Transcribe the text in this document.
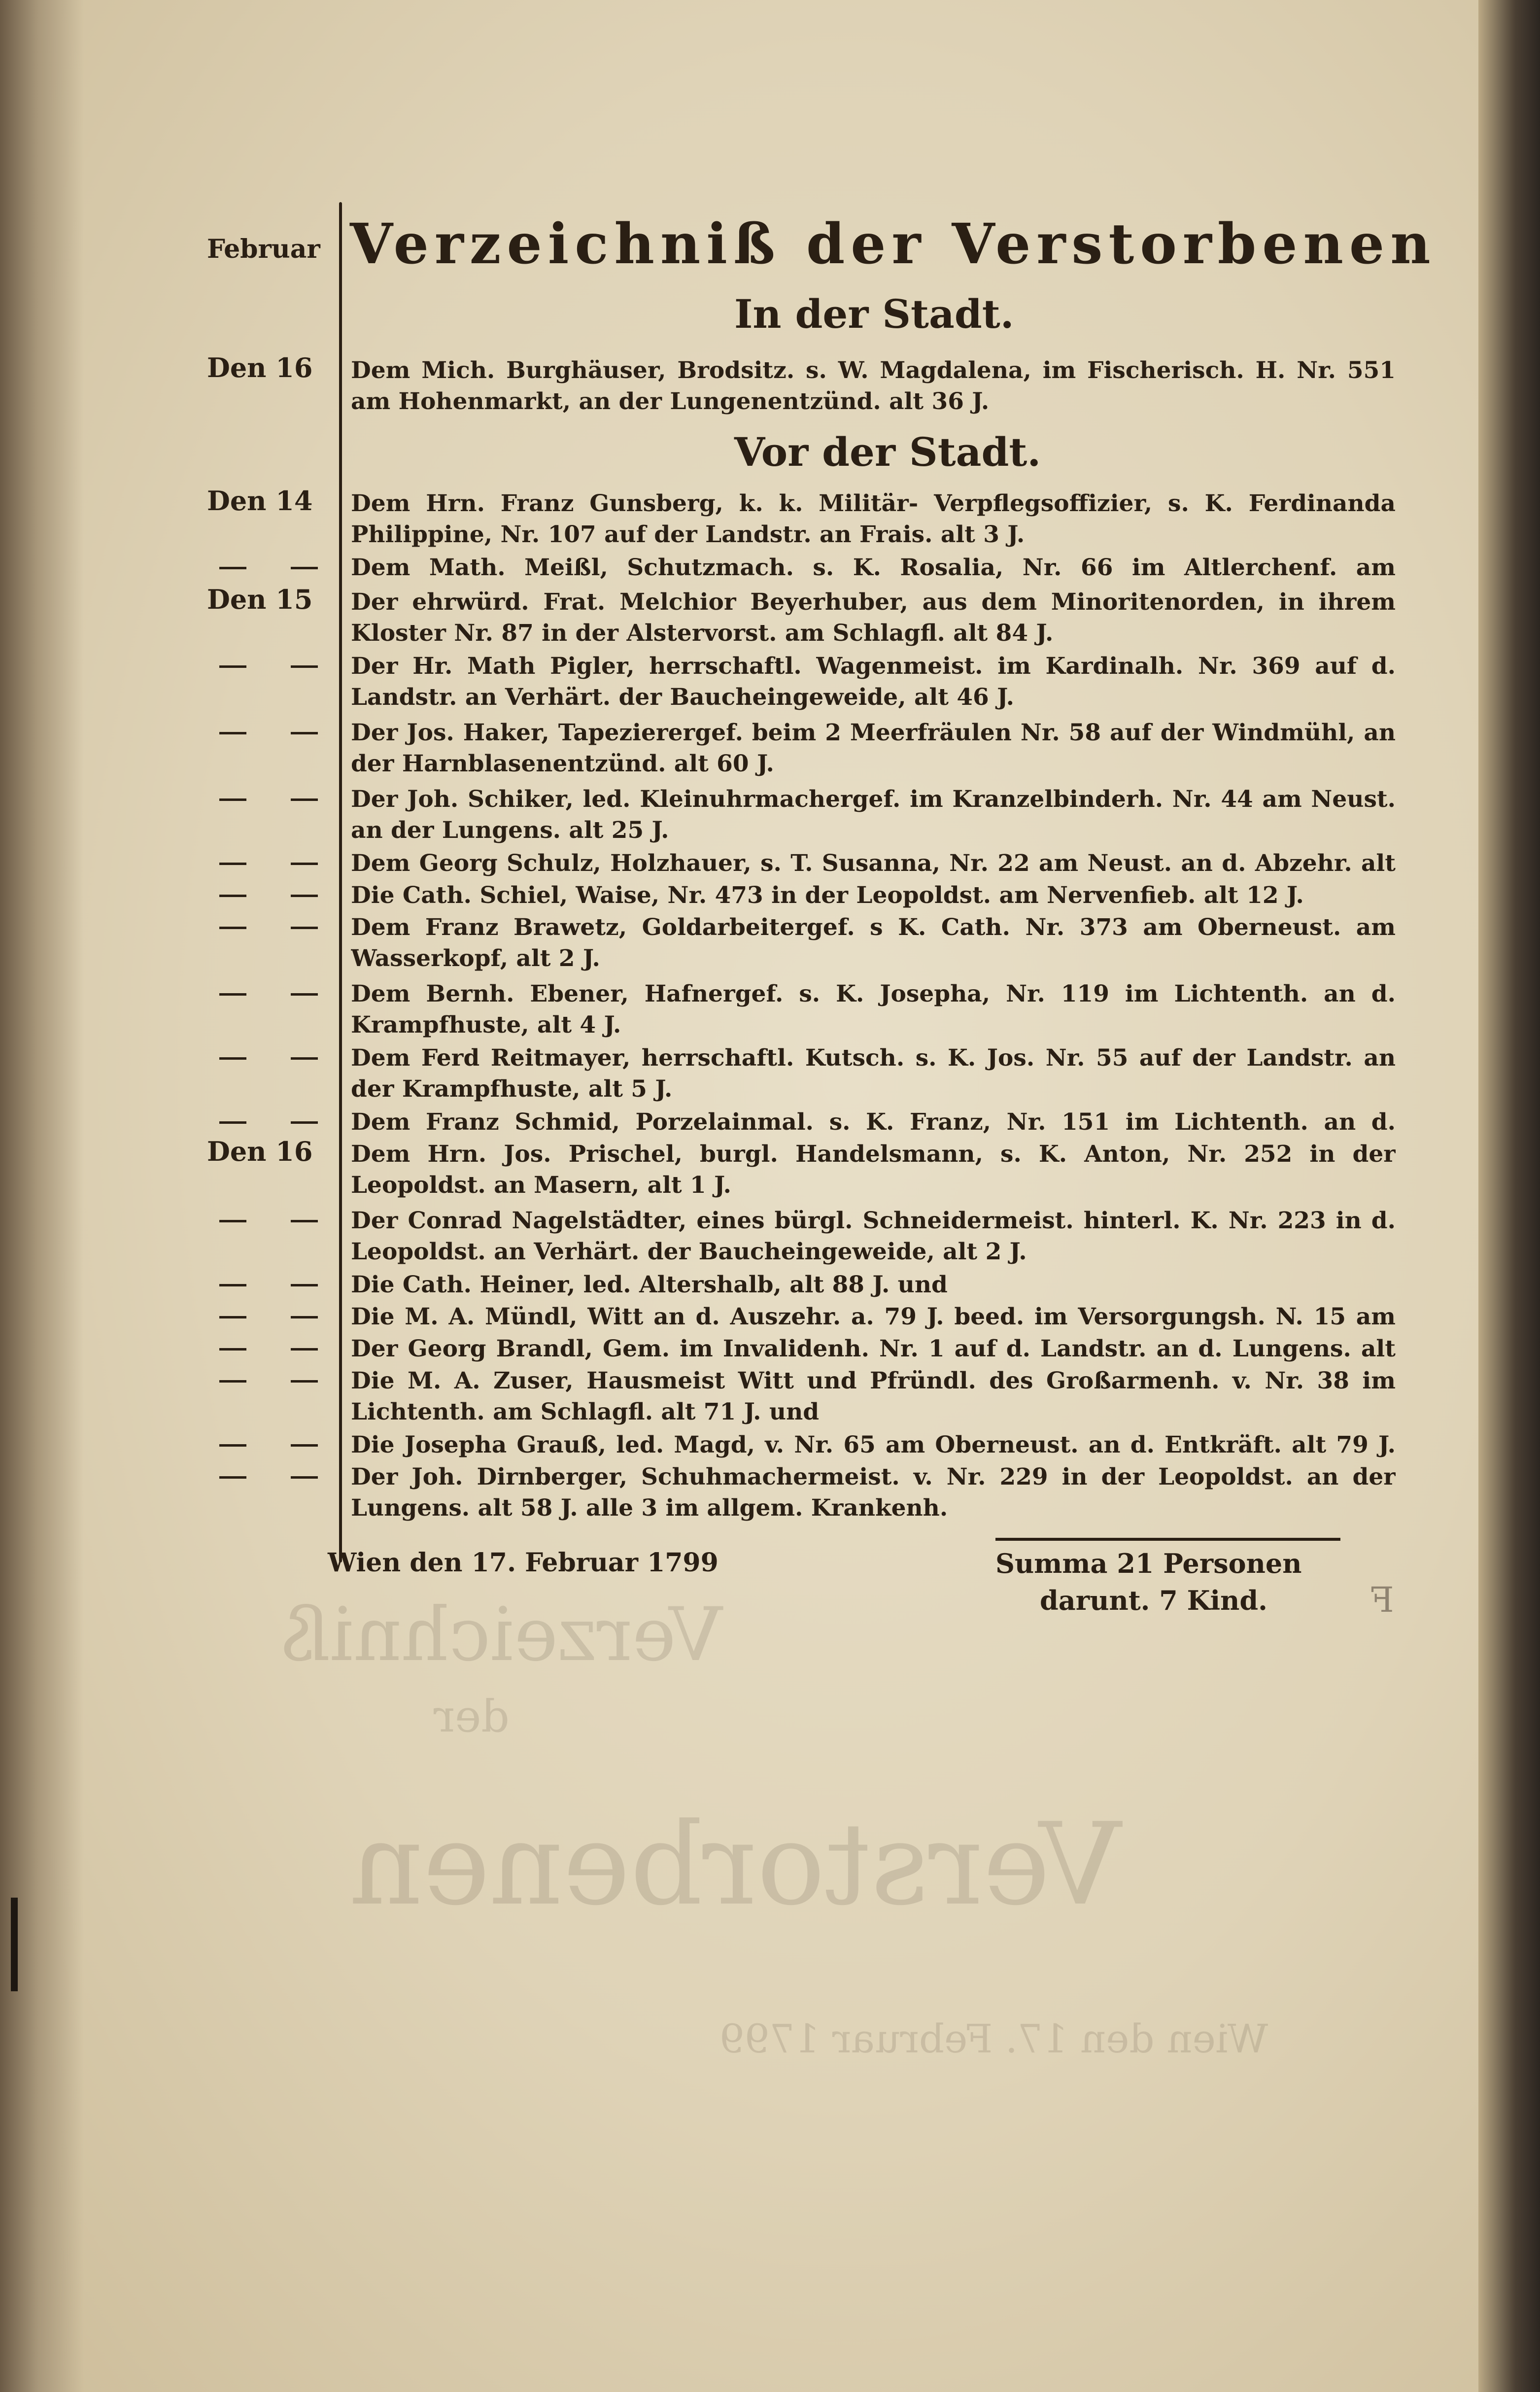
Verzeichniß
der
Verstorbenen
Wien den 17. Februar 1799
Februar
Den 16
Den 14
Den 15
Den 16
Verzeichniß der Verstorbenen
In der Stadt.
Vor der Stadt.
Dem Mich. Burghäuser, Brodsitz. s. W. Magdalena, im Fischerisch. H. Nr. 551 am Hohenmarkt, an der Lungenentzünd. alt 36 J.
Dem Hrn. Franz Gunsberg, k. k. Militär- Verpflegsoffizier, s. K. Ferdinanda Philippine, Nr. 107 auf der Landstr. an Frais. alt 3 J.
Dem Math. Meißl, Schutzmach. s. K. Rosalia, Nr. 66 im Altlerchenf. am
Der ehrwürd. Frat. Melchior Beyerhuber, aus dem Minoritenorden, in ihrem Kloster Nr. 87 in der Alstervorst. am Schlagfl. alt 84 J.
Der Hr. Math Pigler, herrschaftl. Wagenmeist. im Kardinalh. Nr. 369 auf d. Landstr. an Verhärt. der Baucheingeweide, alt 46 J.
Der Jos. Haker, Tapezierergef. beim 2 Meerfräulen Nr. 58 auf der Windmühl, an der Harnblasenentzünd. alt 60 J.
Der Joh. Schiker, led. Kleinuhrmachergef. im Kranzelbinderh. Nr. 44 am Neust. an der Lungens. alt 25 J.
Dem Georg Schulz, Holzhauer, s. T. Susanna, Nr. 22 am Neust. an d. Abzehr. alt
Die Cath. Schiel, Waise, Nr. 473 in der Leopoldst. am Nervenfieb. alt 12 J.
Dem Franz Brawetz, Goldarbeitergef. s K. Cath. Nr. 373 am Oberneust. am Wasserkopf, alt 2 J.
Dem Bernh. Ebener, Hafnergef. s. K. Josepha, Nr. 119 im Lichtenth. an d. Krampfhuste, alt 4 J.
Dem Ferd Reitmayer, herrschaftl. Kutsch. s. K. Jos. Nr. 55 auf der Landstr. an der Krampfhuste, alt 5 J.
Dem Franz Schmid, Porzelainmal. s. K. Franz, Nr. 151 im Lichtenth. an d.
Dem Hrn. Jos. Prischel, burgl. Handelsmann, s. K. Anton, Nr. 252 in der Leopoldst. an Masern, alt 1 J.
Der Conrad Nagelstädter, eines bürgl. Schneidermeist. hinterl. K. Nr. 223 in d. Leopoldst. an Verhärt. der Baucheingeweide, alt 2 J.
Die Cath. Heiner, led. Altershalb, alt 88 J. und
Die M. A. Mündl, Witt an d. Auszehr. a. 79 J. beed. im Versorgungsh. N. 15 am
Der Georg Brandl, Gem. im Invalidenh. Nr. 1 auf d. Landstr. an d. Lungens. alt
Die M. A. Zuser, Hausmeist Witt und Pfründl. des Großarmenh. v. Nr. 38 im Lichtenth. am Schlagfl. alt 71 J. und
Die Josepha Grauß, led. Magd, v. Nr. 65 am Oberneust. an d. Entkräft. alt 79 J.
Der Joh. Dirnberger, Schuhmachermeist. v. Nr. 229 in der Leopoldst. an der Lungens. alt 58 J. alle 3 im allgem. Krankenh.
Wien den 17. Februar 1799	Summa 21 Personen
darunt. 7 Kind.	ꟻ
